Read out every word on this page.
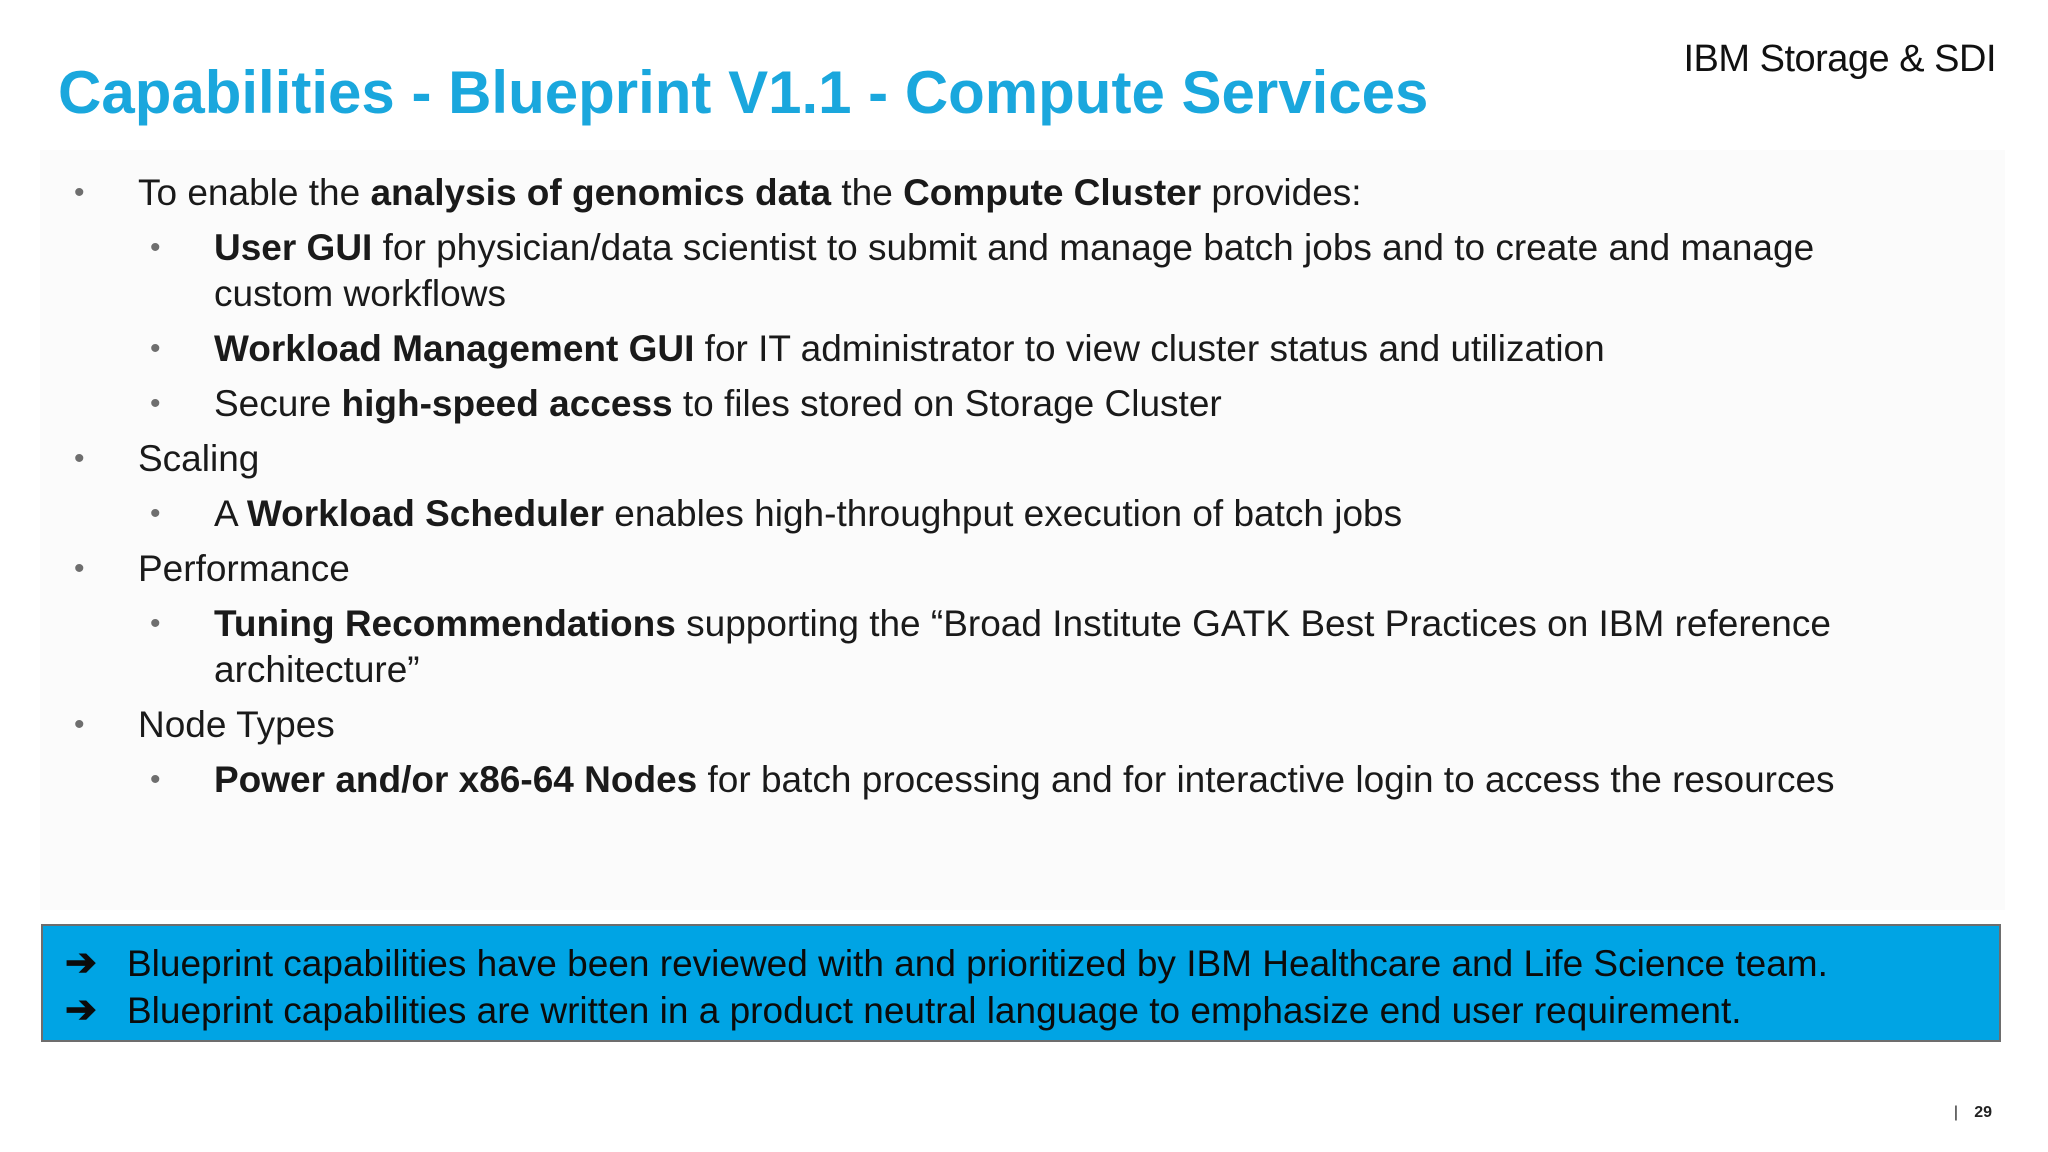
IBM Storage & SDI
Capabilities - Blueprint V1.1 - Compute Services
• To enable the analysis of genomics data the Compute Cluster provides:
• User GUI for physician/data scientist to submit and manage batch jobs and to create and manage custom workflows
• Workload Management GUI for IT administrator to view cluster status and utilization
• Secure high-speed access to files stored on Storage Cluster
• Scaling
• A Workload Scheduler enables high-throughput execution of batch jobs
• Performance
• Tuning Recommendations supporting the “Broad Institute GATK Best Practices on IBM reference architecture”
• Node Types
• Power and/or x86-64 Nodes for batch processing and for interactive login to access the resources
➔ Blueprint capabilities have been reviewed with and prioritized by IBM Healthcare and Life Science team.
➔ Blueprint capabilities are written in a product neutral language to emphasize end user requirement.
| 29
